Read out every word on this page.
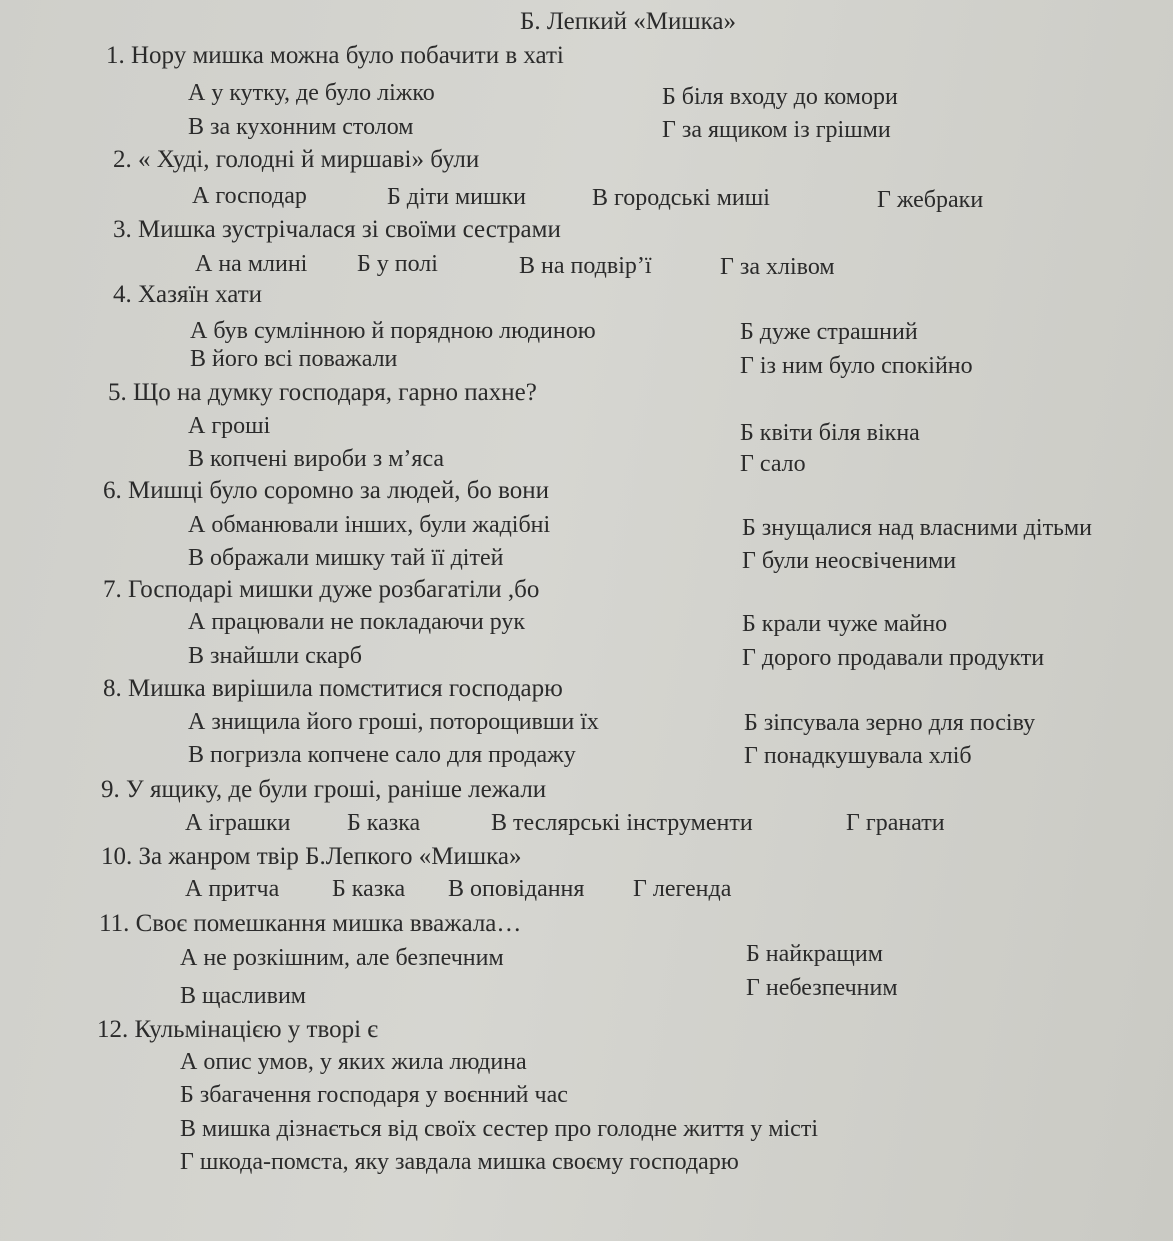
Б. Лепкий «Мишка»
1. Нору мишка можна було побачити в хаті
А у кутку, де було ліжко	Б біля входу до комори
В за кухонним столом	Г за ящиком із грішми
2. « Худі, голодні й миршаві» були
А господар	Б діти мишки	В городські миші	Г жебраки
3. Мишка зустрічалася зі своїми сестрами
А на млині Б у полі	В на подвір’ї	Г за хлівом
4. Хазяїн хати
А був сумлінною й порядною людиною	Б дуже страшний
В його всі поважали	Г із ним було спокійно
5. Що на думку господаря, гарно пахне?
А гроші	Б квіти біля вікна
В копчені вироби з м’яса	Г сало
6. Мишці було соромно за людей, бо вони
А обманювали інших, були жадібні	Б знущалися над власними дітьми
В ображали мишку тай її дітей	Г були неосвіченими
7. Господарі мишки дуже розбагатіли ,бо
А працювали не покладаючи рук	Б крали чуже майно
В знайшли скарб	Г дорого продавали продукти
8. Мишка вирішила помститися господарю
А знищила його гроші, поторощивши їх	Б зіпсувала зерно для посіву
В погризла копчене сало для продажу	Г понадкушувала хліб
9. У ящику, де були гроші, раніше лежали
А іграшки Б казка	В теслярські інструменти	Г гранати
10. За жанром твір Б.Лепкого «Мишка»
А притча Б казка В оповідання Г легенда
11. Своє помешкання мишка вважала…
А не розкішним, але безпечним	Б найкращим
В щасливим	Г небезпечним
12. Кульмінацією у творі є
А опис умов, у яких жила людина
Б збагачення господаря у воєнний час
В мишка дізнається від своїх сестер про голодне життя у місті
Г шкода-помста, яку завдала мишка своєму господарю
